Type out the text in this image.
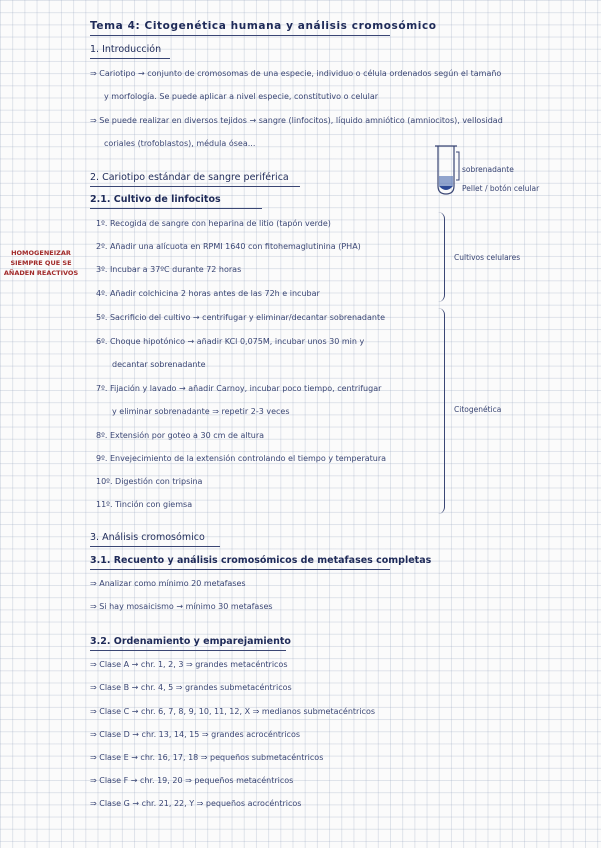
Tema 4: Citogenética humana y análisis cromosómico
1. Introducción
⇒ Cariotipo → conjunto de cromosomas de una especie, individuo o célula ordenados según el tamaño
y morfología. Se puede aplicar a nivel especie, constitutivo o celular
⇒ Se puede realizar en diversos tejidos → sangre (linfocitos), líquido amniótico (amniocitos), vellosidad
coriales (trofoblastos), médula ósea...
sobrenadante
Pellet / botón celular
2. Cariotipo estándar de sangre periférica
2.1. Cultivo de linfocitos
1º. Recogida de sangre con heparina de litio (tapón verde)
2º. Añadir una alícuota en RPMI 1640 con fitohemaglutinina (PHA)
3º. Incubar a 37ºC durante 72 horas
4º. Añadir colchicina 2 horas antes de las 72h e incubar
5º. Sacrificio del cultivo → centrifugar y eliminar/decantar sobrenadante
6º. Choque hipotónico → añadir KCl 0,075M, incubar unos 30 min y
decantar sobrenadante
7º. Fijación y lavado → añadir Carnoy, incubar poco tiempo, centrifugar
y eliminar sobrenadante ⇒ repetir 2-3 veces
8º. Extensión por goteo a 30 cm de altura
9º. Envejecimiento de la extensión controlando el tiempo y temperatura
10º. Digestión con tripsina
11º. Tinción con giemsa
Cultivos celulares
Citogenética
HOMOGENEIZAR
SIEMPRE QUE SE
AÑADEN REACTIVOS
3. Análisis cromosómico
3.1. Recuento y análisis cromosómicos de metafases completas
⇒ Analizar como mínimo 20 metafases
⇒ Si hay mosaicismo → mínimo 30 metafases
3.2. Ordenamiento y emparejamiento
⇒ Clase A → chr. 1, 2, 3 ⇒ grandes metacéntricos
⇒ Clase B → chr. 4, 5 ⇒ grandes submetacéntricos
⇒ Clase C → chr. 6, 7, 8, 9, 10, 11, 12, X ⇒ medianos submetacéntricos
⇒ Clase D → chr. 13, 14, 15 ⇒ grandes acrocéntricos
⇒ Clase E → chr. 16, 17, 18 ⇒ pequeños submetacéntricos
⇒ Clase F → chr. 19, 20 ⇒ pequeños metacéntricos
⇒ Clase G → chr. 21, 22, Y ⇒ pequeños acrocéntricos
